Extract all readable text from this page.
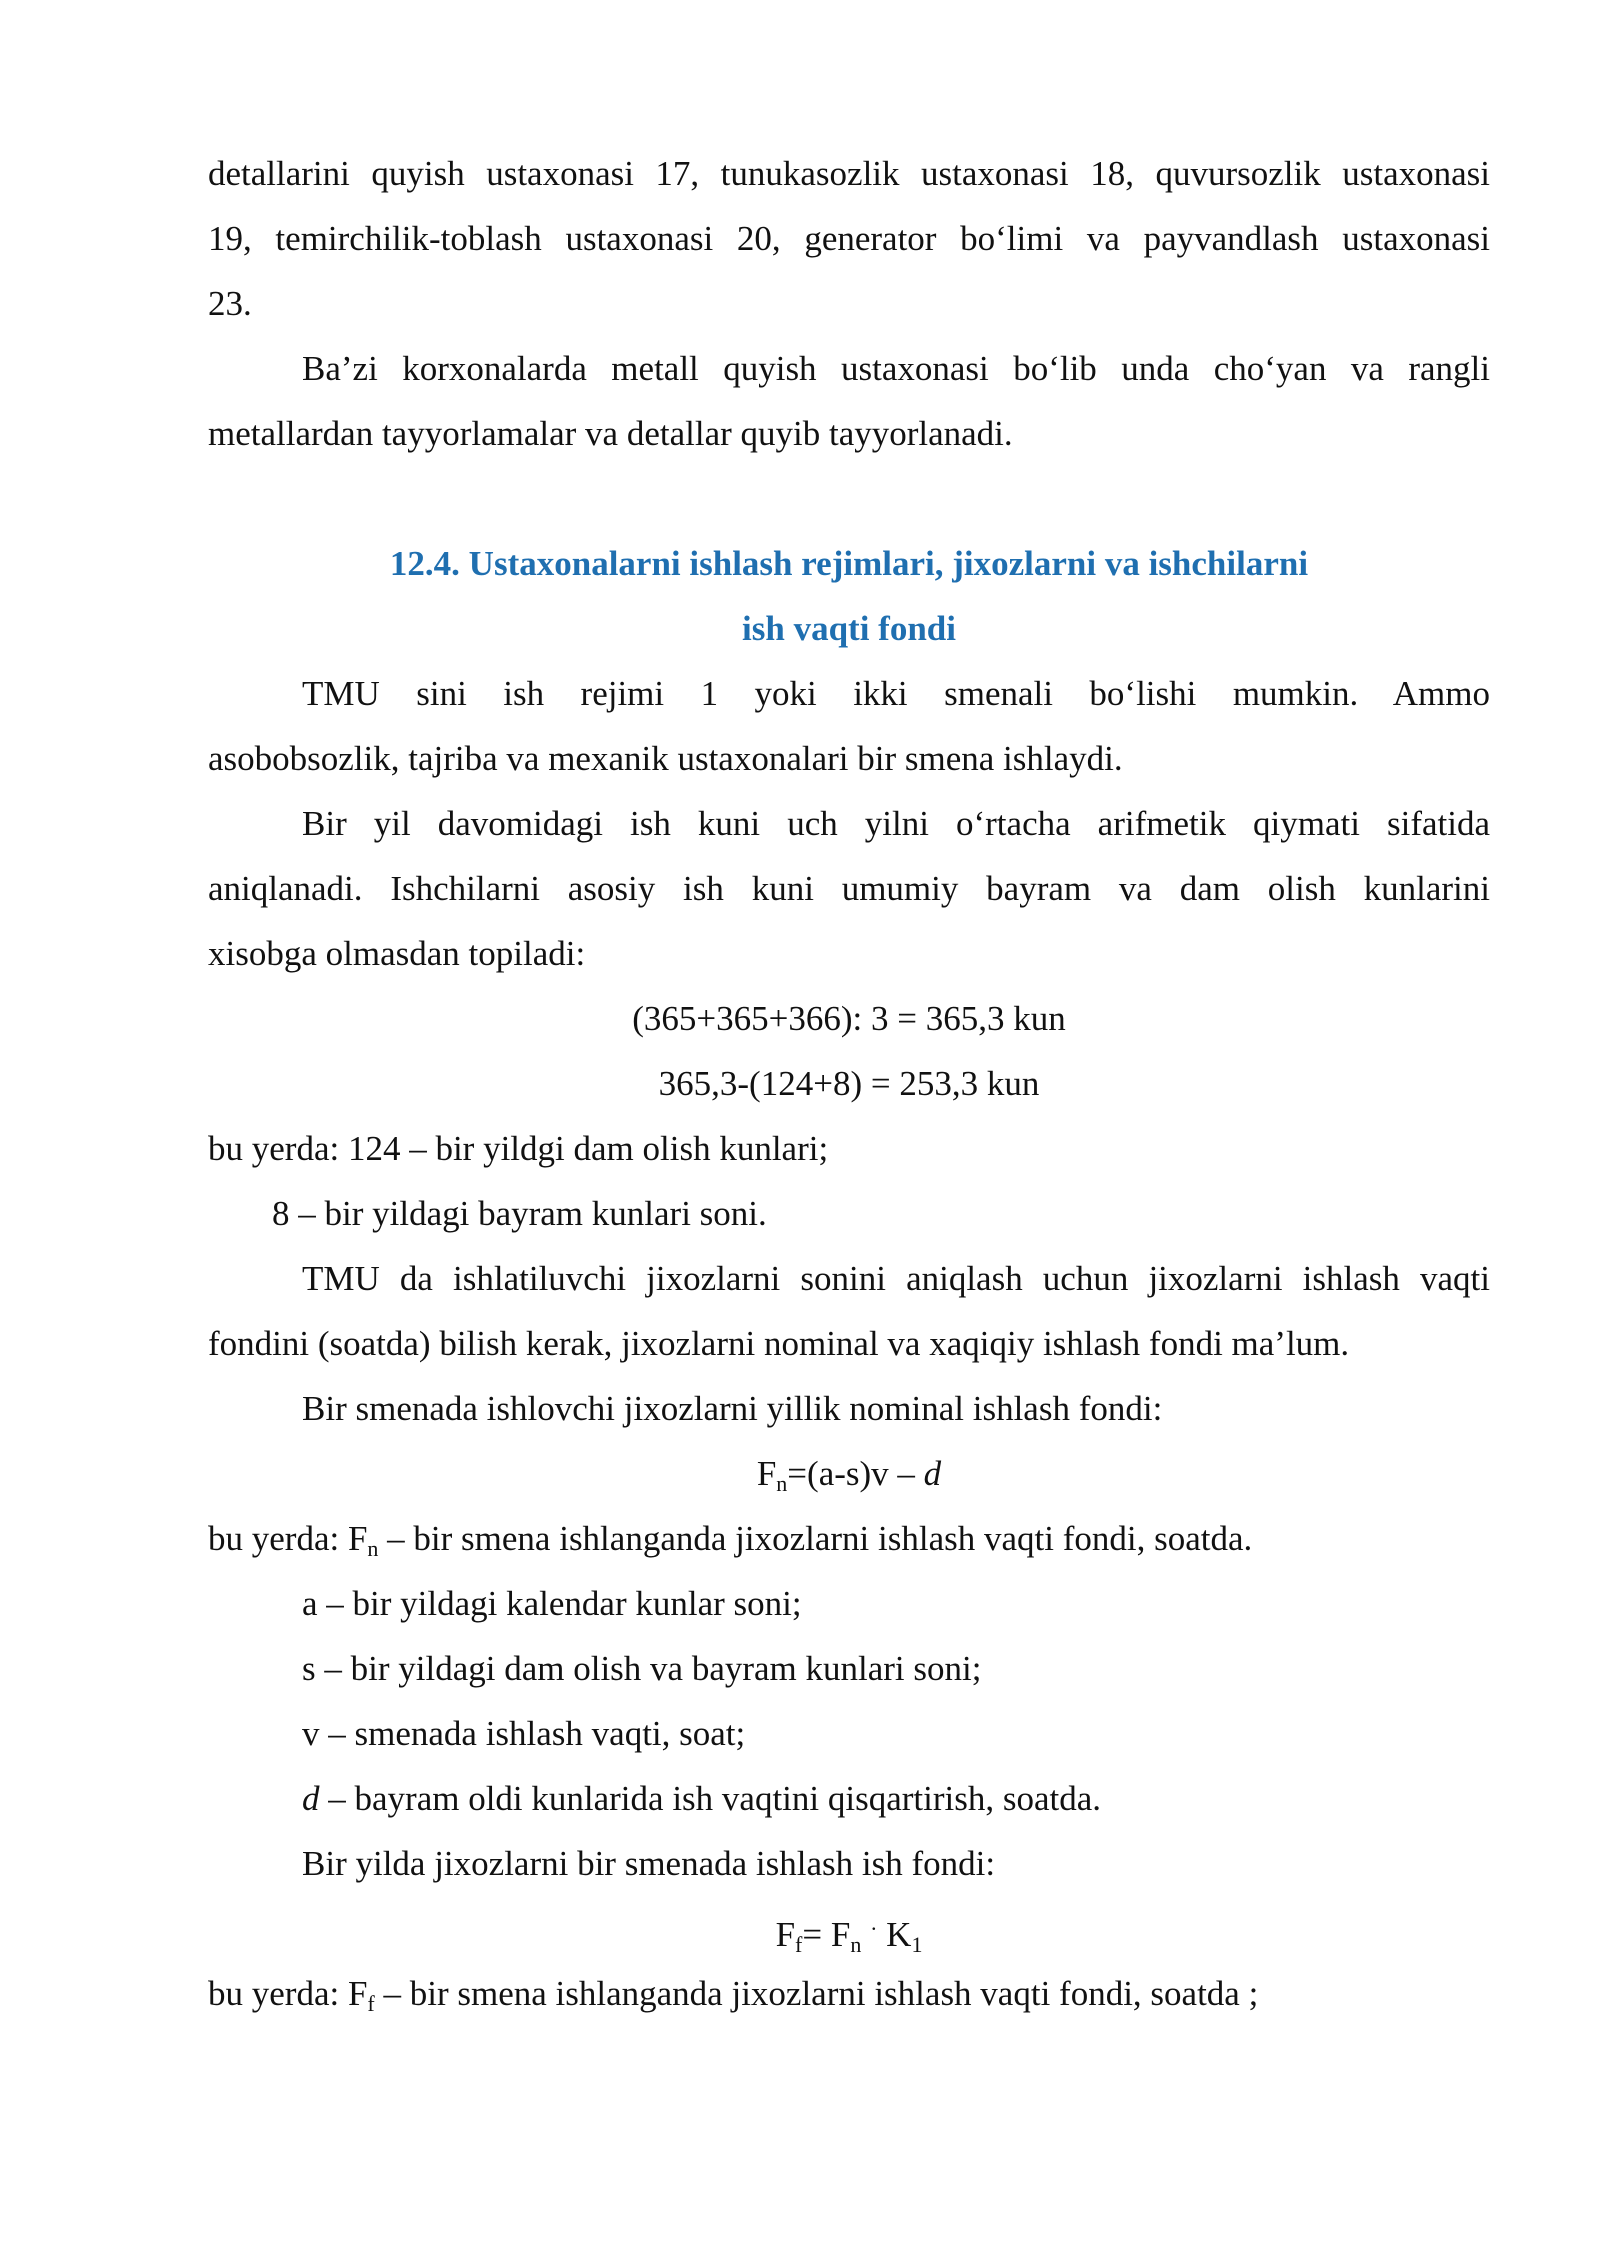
detallarini quyish ustaxonasi 17, tunukasozlik ustaxonasi 18, quvursozlik ustaxonasi
19, temirchilik-toblash ustaxonasi 20, generator bo‘limi va payvandlash ustaxonasi
23.
Ba’zi korxonalarda metall quyish ustaxonasi bo‘lib unda cho‘yan va rangli
metallardan tayyorlamalar va detallar quyib tayyorlanadi.
12.4. Ustaxonalarni ishlash rejimlari, jixozlarni va ishchilarni
ish vaqti fondi
TMU sini ish rejimi 1 yoki ikki smenali bo‘lishi mumkin. Ammo
asobobsozlik, tajriba va mexanik ustaxonalari bir smena ishlaydi.
Bir yil davomidagi ish kuni uch yilni o‘rtacha arifmetik qiymati sifatida
aniqlanadi. Ishchilarni asosiy ish kuni umumiy bayram va dam olish kunlarini
xisobga olmasdan topiladi:
(365+365+366): 3 = 365,3 kun
365,3-(124+8) = 253,3 kun
bu yerda: 124 – bir yildgi dam olish kunlari;
8 – bir yildagi bayram kunlari soni.
TMU da ishlatiluvchi jixozlarni sonini aniqlash uchun jixozlarni ishlash vaqti
fondini (soatda) bilish kerak, jixozlarni nominal va xaqiqiy ishlash fondi ma’lum.
Bir smenada ishlovchi jixozlarni yillik nominal ishlash fondi:
$F_n=(a-s)v - d$
bu yerda: $F_n$ – bir smena ishlanganda jixozlarni ishlash vaqti fondi, soatda.
a – bir yildagi kalendar kunlar soni;
s – bir yildagi dam olish va bayram kunlari soni;
v – smenada ishlash vaqti, soat;
d – bayram oldi kunlarida ish vaqtini qisqartirish, soatda.
Bir yilda jixozlarni bir smenada ishlash ish fondi:
$F_f= F_n$ · $K_1$
bu yerda: $F_f$ – bir smena ishlanganda jixozlarni ishlash vaqti fondi, soatda ;
